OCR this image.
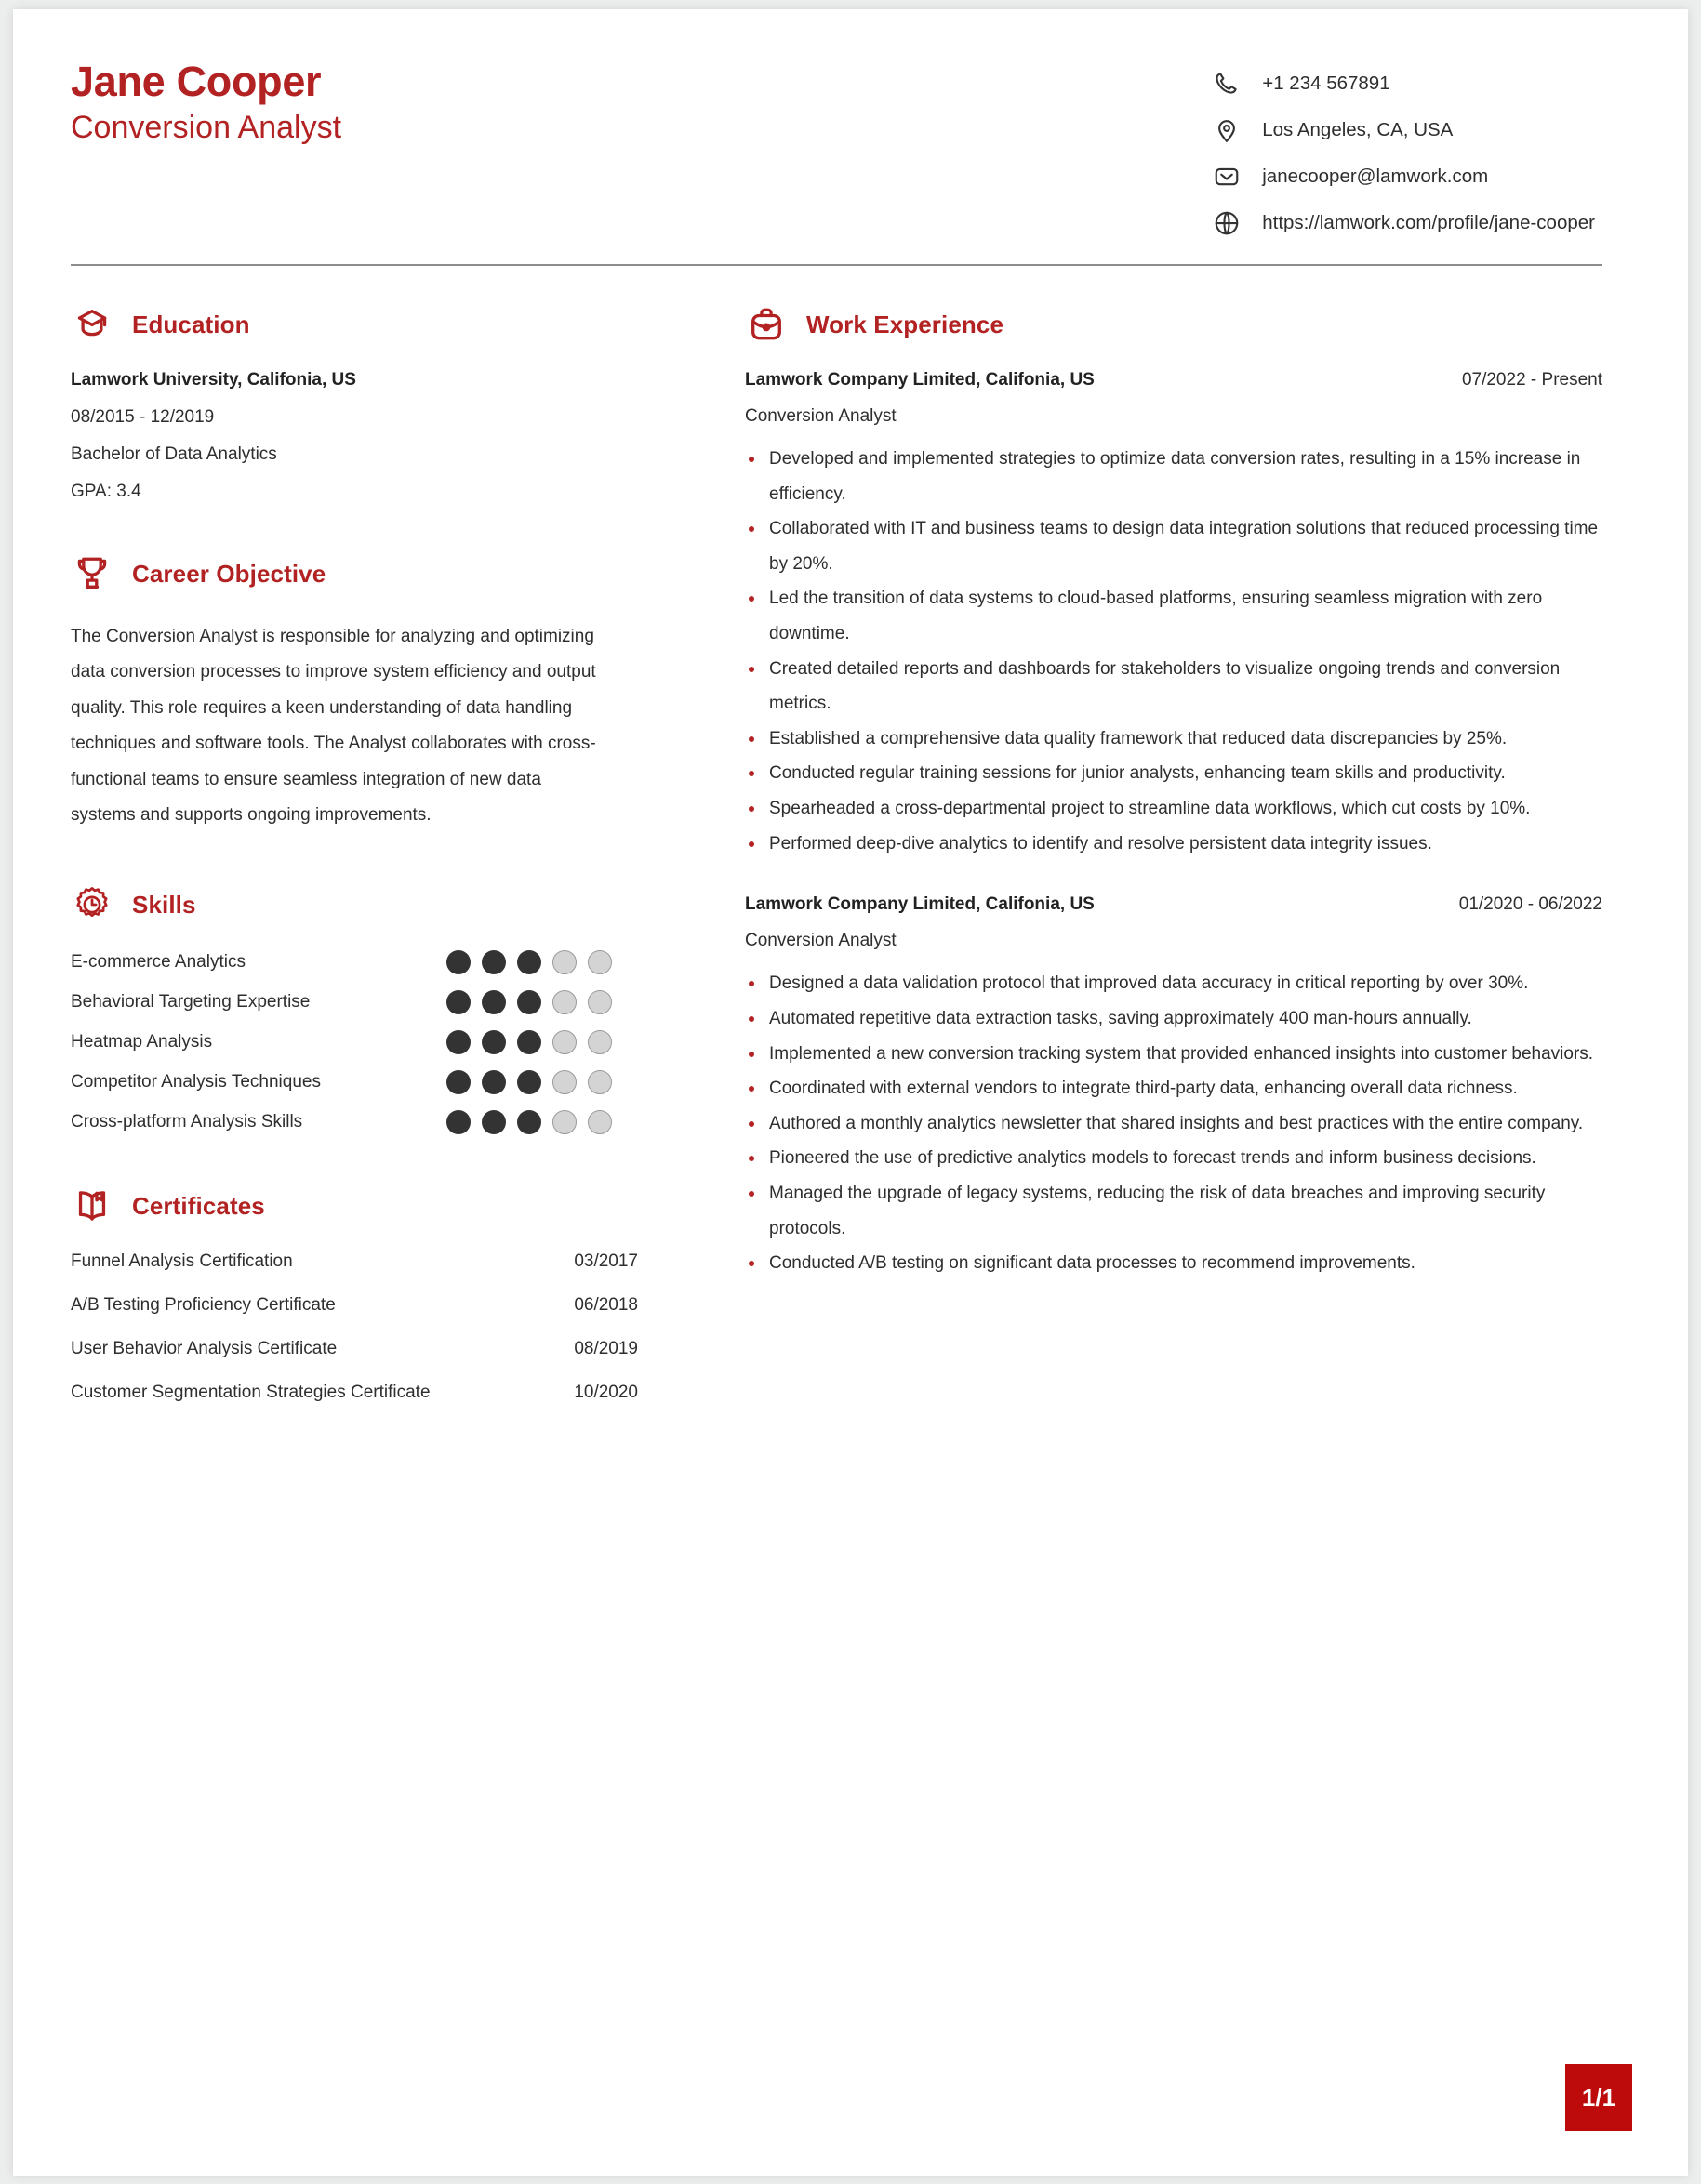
Jane Cooper
Conversion Analyst
+1 234 567891
Los Angeles, CA, USA
janecooper@lamwork.com
https://lamwork.com/profile/jane-cooper
Education
Lamwork University, Califonia, US
08/2015 - 12/2019
Bachelor of Data Analytics
GPA: 3.4
Career Objective
The Conversion Analyst is responsible for analyzing and optimizing data conversion processes to improve system efficiency and output quality. This role requires a keen understanding of data handling techniques and software tools. The Analyst collaborates with cross-functional teams to ensure seamless integration of new data systems and supports ongoing improvements.
Skills
E-commerce Analytics
Behavioral Targeting Expertise
Heatmap Analysis
Competitor Analysis Techniques
Cross-platform Analysis Skills
Certificates
Funnel Analysis Certification	03/2017
A/B Testing Proficiency Certificate	06/2018
User Behavior Analysis Certificate	08/2019
Customer Segmentation Strategies Certificate	10/2020
Work Experience
Lamwork Company Limited, Califonia, US	07/2022 - Present
Conversion Analyst
Developed and implemented strategies to optimize data conversion rates, resulting in a 15% increase in efficiency.
Collaborated with IT and business teams to design data integration solutions that reduced processing time by 20%.
Led the transition of data systems to cloud-based platforms, ensuring seamless migration with zero downtime.
Created detailed reports and dashboards for stakeholders to visualize ongoing trends and conversion metrics.
Established a comprehensive data quality framework that reduced data discrepancies by 25%.
Conducted regular training sessions for junior analysts, enhancing team skills and productivity.
Spearheaded a cross-departmental project to streamline data workflows, which cut costs by 10%.
Performed deep-dive analytics to identify and resolve persistent data integrity issues.
Lamwork Company Limited, Califonia, US	01/2020 - 06/2022
Conversion Analyst
Designed a data validation protocol that improved data accuracy in critical reporting by over 30%.
Automated repetitive data extraction tasks, saving approximately 400 man-hours annually.
Implemented a new conversion tracking system that provided enhanced insights into customer behaviors.
Coordinated with external vendors to integrate third-party data, enhancing overall data richness.
Authored a monthly analytics newsletter that shared insights and best practices with the entire company.
Pioneered the use of predictive analytics models to forecast trends and inform business decisions.
Managed the upgrade of legacy systems, reducing the risk of data breaches and improving security protocols.
Conducted A/B testing on significant data processes to recommend improvements.
1/1
